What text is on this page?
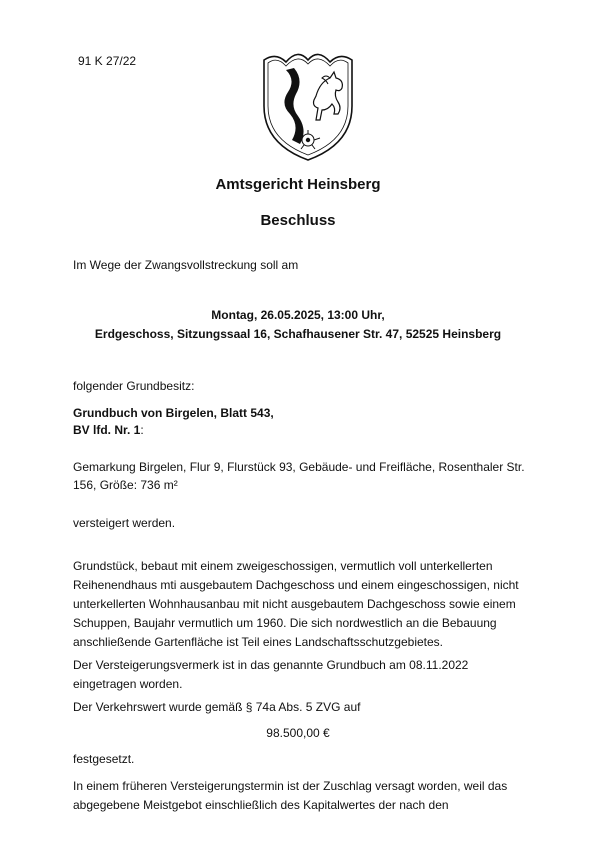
91 K 27/22
Amtsgericht Heinsberg
Beschluss
Im Wege der Zwangsvollstreckung soll am
Montag, 26.05.2025, 13:00 Uhr,
Erdgeschoss, Sitzungssaal 16, Schafhausener Str. 47, 52525 Heinsberg
folgender Grundbesitz:
Grundbuch von Birgelen, Blatt 543,
BV lfd. Nr. 1:
Gemarkung Birgelen, Flur 9, Flurstück 93, Gebäude- und Freifläche, Rosenthaler Str.
156, Größe: 736 m²
versteigert werden.
Grundstück, bebaut mit einem zweigeschossigen, vermutlich voll unterkellerten
Reihenendhaus mti ausgebautem Dachgeschoss und einem eingeschossigen, nicht
unterkellerten Wohnhausanbau mit nicht ausgebautem Dachgeschoss sowie einem
Schuppen, Baujahr vermutlich um 1960. Die sich nordwestlich an die Bebauung
anschließende Gartenfläche ist Teil eines Landschaftsschutzgebietes.
Der Versteigerungsvermerk ist in das genannte Grundbuch am 08.11.2022
eingetragen worden.
Der Verkehrswert wurde gemäß § 74a Abs. 5 ZVG auf
98.500,00 €
festgesetzt.
In einem früheren Versteigerungstermin ist der Zuschlag versagt worden, weil das
abgegebene Meistgebot einschließlich des Kapitalwertes der nach den
